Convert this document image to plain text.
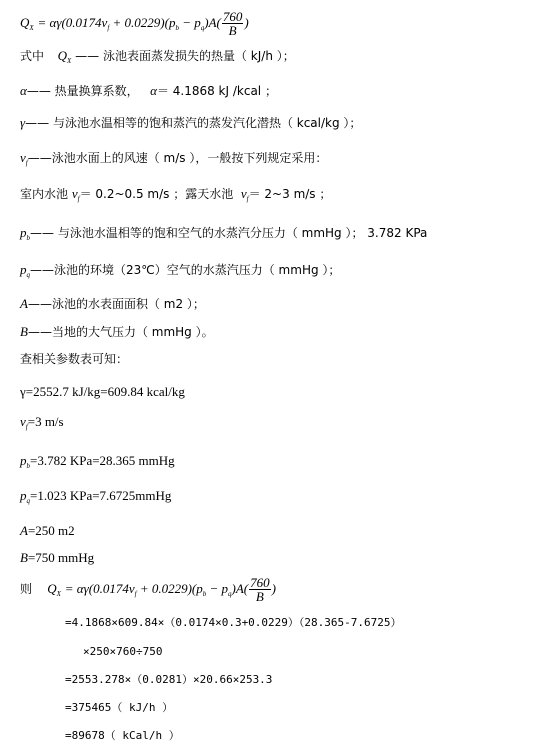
$Q_X = \alpha\gamma(0.0174v_f + 0.0229)(p_b - p_q)A( \frac{760}{B}$ )
式中 $Q_X$ —— 泳池表面蒸发损失的热量（ kJ/h ）；
α—— 热量换算系数， α＝ 4.1868 kJ /kcal ；
γ—— 与泳池水温相等的饱和蒸汽的蒸发汽化潜热（ kcal/kg ）；
$v_f——$泳池水面上的风速（ m/s ），一般按下列规定采用：
室内水池 $v_f=$ 0.2~0.5 m/s ；露天水池 $v_f=$ 2~3 m/s ；
$p_b——$ 与泳池水温相等的饱和空气的水蒸汽分压力（ mmHg ）； 3.782 KPa
$p_q——$泳池的环境（23℃）空气的水蒸汽压力（ mmHg ）；
A——泳池的水表面面积（ m2 ）；
B——当地的大气压力（ mmHg ）。
查相关参数表可知：
γ=2552.7 kJ/kg=609.84 kcal/kg
$v_f=3$ m/s
$p_b=3.782$ KPa=28.365 mmHg
$p_q=1.023$ KPa=7.6725mmHg
A=250 m2
B=750 mmHg
则 $Q_X = \alpha\gamma(0.0174v_f + 0.0229)(p_b - p_q)A( \frac{760}{B}$ )
=4.1868×609.84×（0.0174×0.3+0.0229）（28.365-7.6725）
×250×760÷750
=2553.278×（0.0281）×20.66×253.3
=375465（ kJ/h ）
=89678（ kCal/h ）
